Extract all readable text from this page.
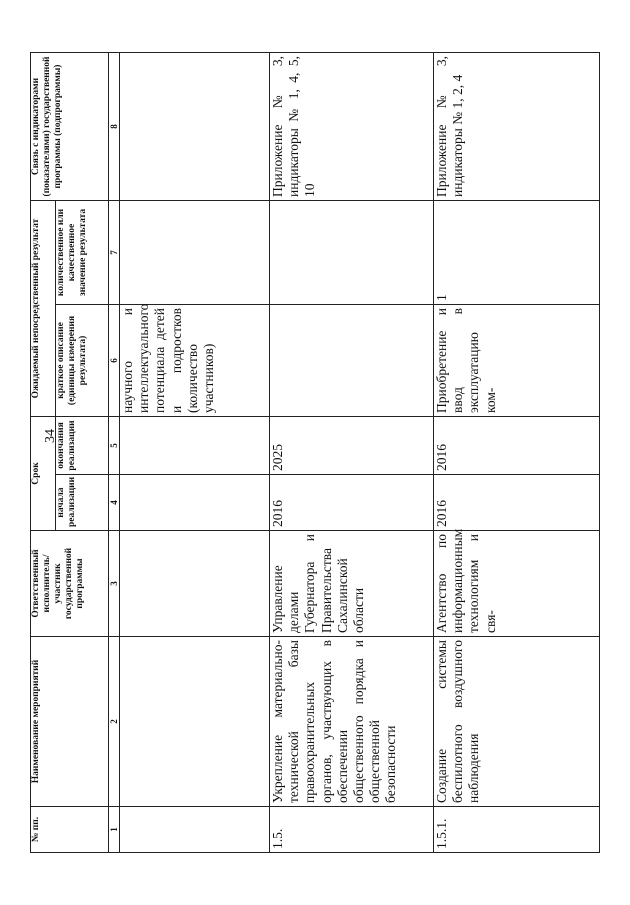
34
№ пп.	Наименование мероприятий	Ответственный исполнитель/ участник государственной программы	Срок		Ожидаемый непосредственный результат		Связь с индикаторами (показателями) государственной программы (подпрограммы)
			начала реализации	окончания реализации	краткое описание (единицы измерения результата)	количественное или качественное значение результата	
1	2	3	4	5	6	7	8
					научного и интеллектуального потенциала детей и подростков (количество участников)		
1.5.	Укрепление материально-технической базы правоохранительных органов, участвующих в обеспечении общественного порядка и общественной безопасности	Управление делами Губернатора и Правительства Сахалинской области	2016	2025			Приложение № 3, индикаторы № 1, 4, 5, 10
1.5.1.	Создание системы беспилотного воздушного наблюдения	Агентство по информационным технологиям и свя-	2016	2016	Приобретение и ввод в эксплуатацию ком-	1	Приложение № 3, индикаторы № 1, 2, 4
